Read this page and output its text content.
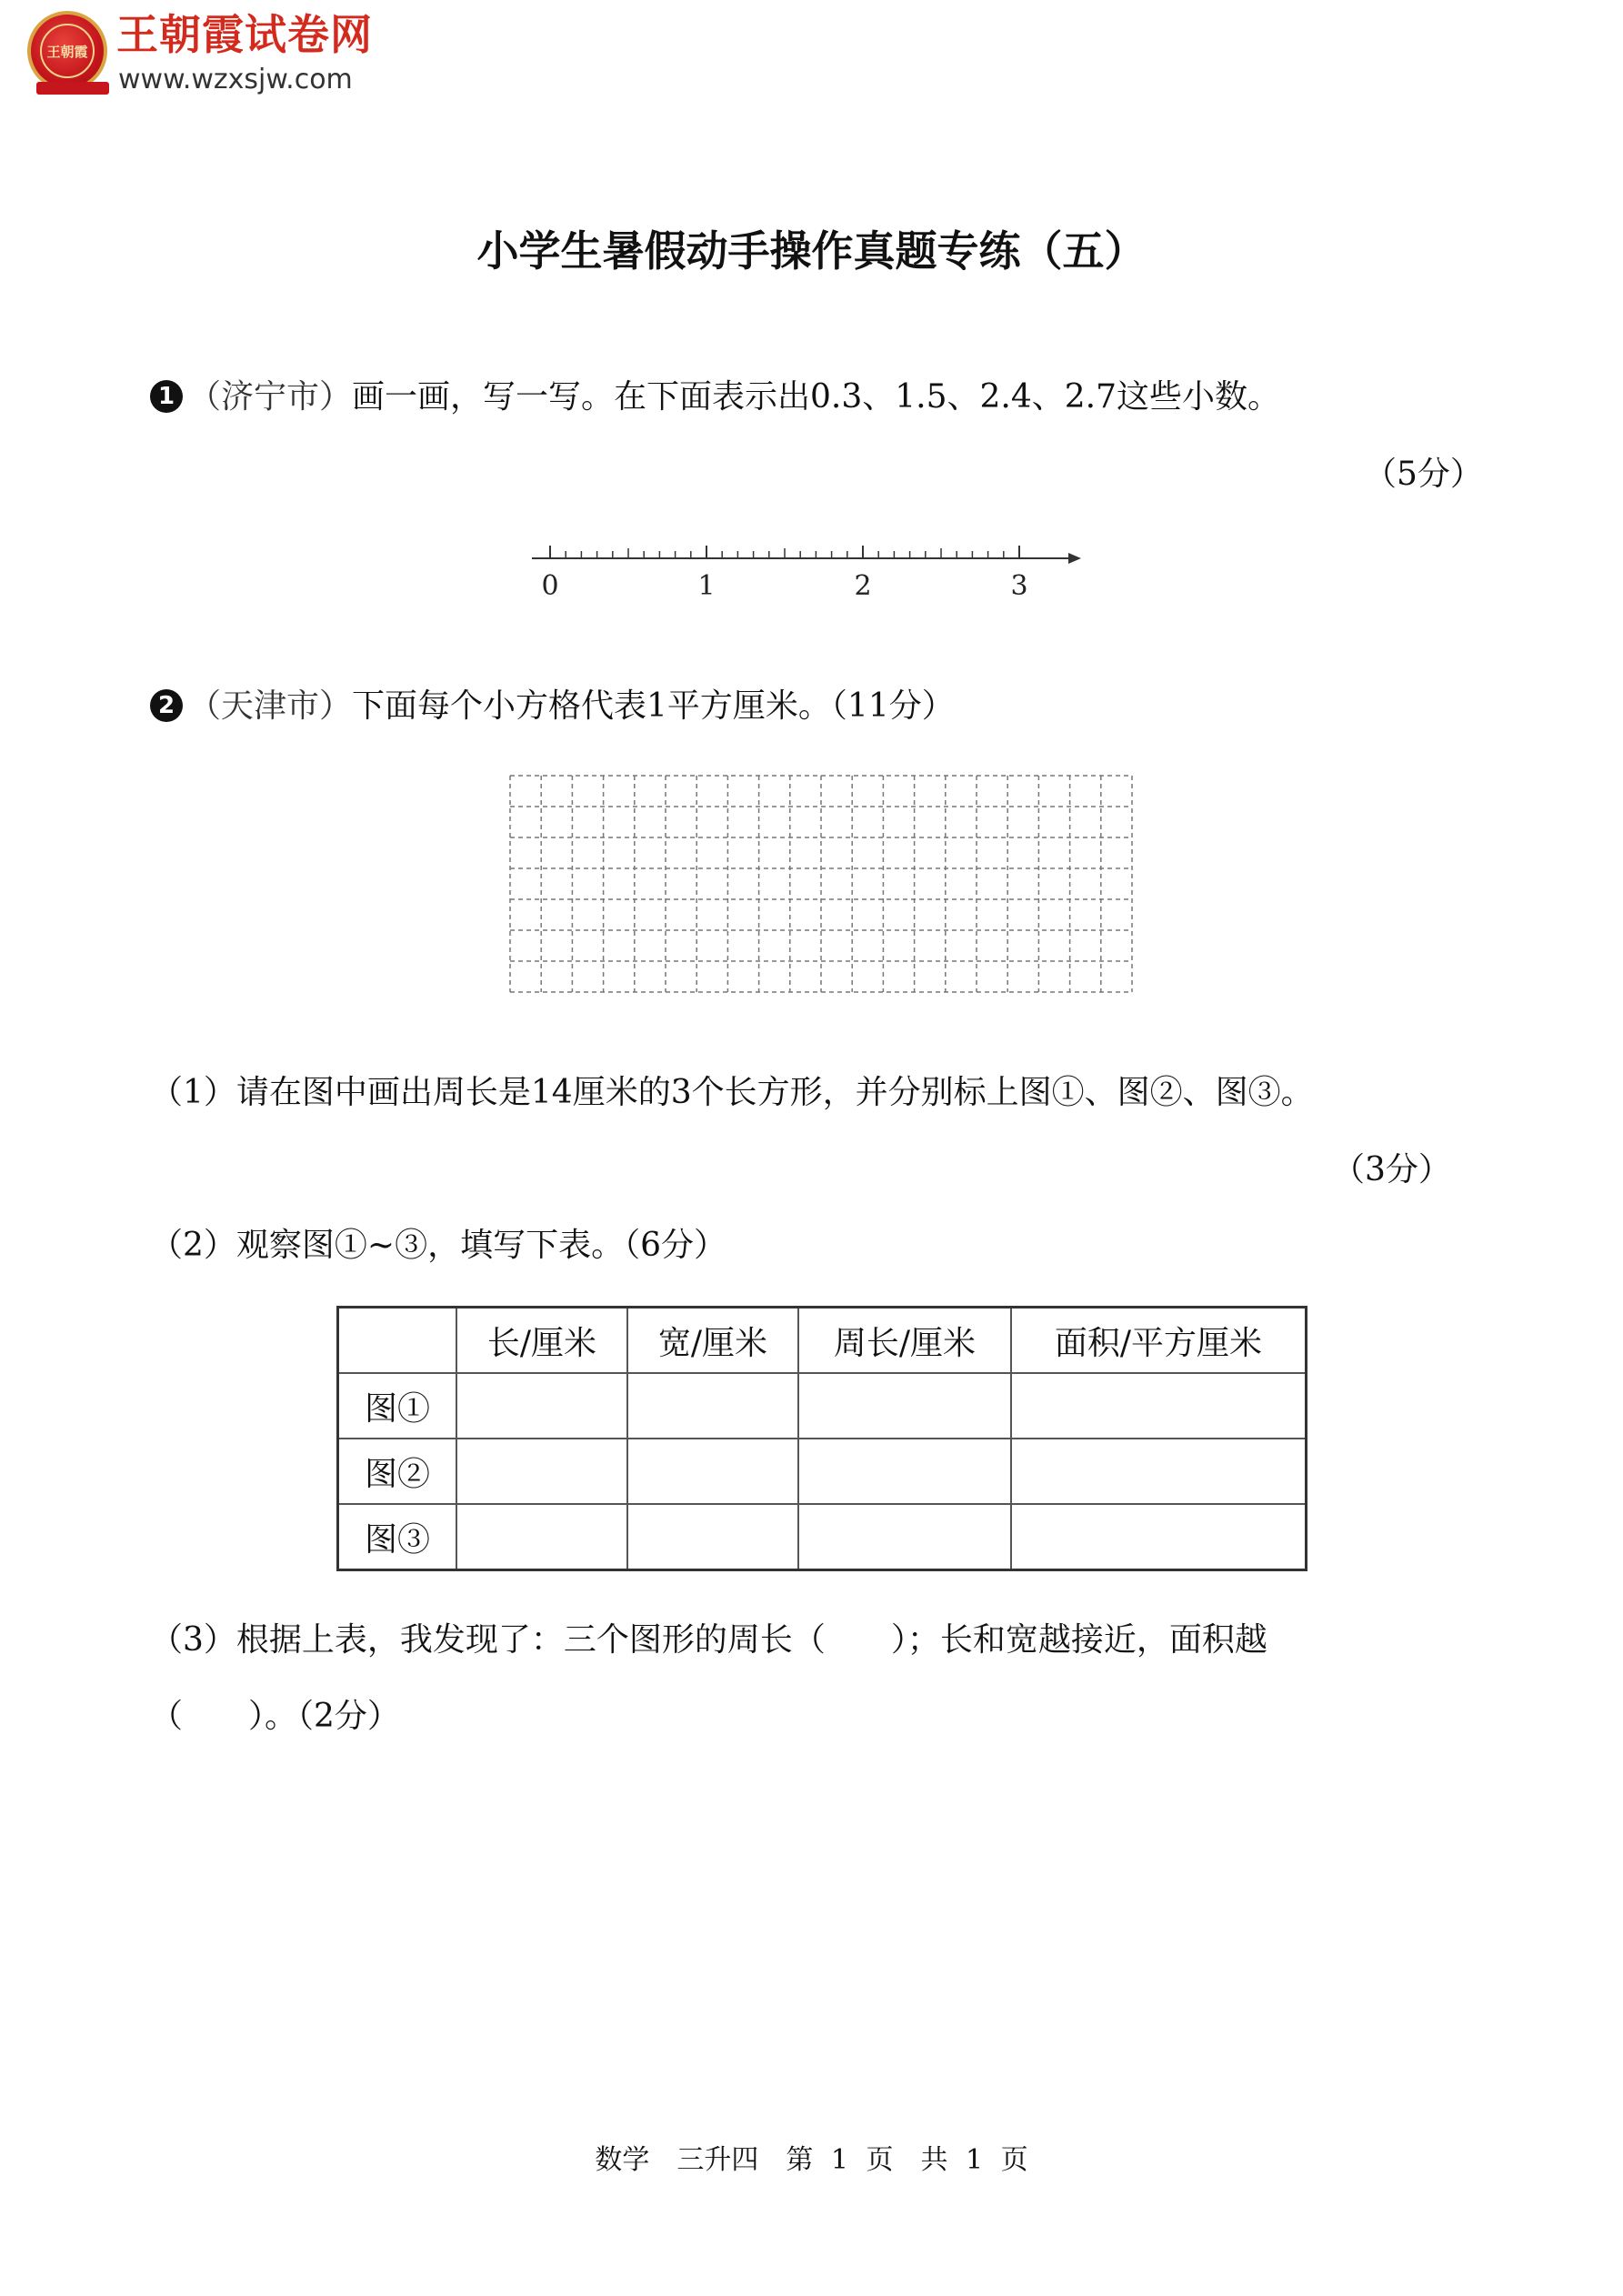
王朝霞 王朝霞试卷网
www.wzxsjw.com
小学生暑假动手操作真题专练（五）
1 （济宁市）画一画，写一写。在下面表示出0.3、1.5、2.4、2.7这些小数。
（5分）
0	1	2	3
2 （天津市）下面每个小方格代表1平方厘米。（11分）
（1）请在图中画出周长是14厘米的3个长方形，并分别标上图①、图②、图③。
（3分）
（2）观察图①~③，填写下表。（6分）
	长/厘米	宽/厘米	周长/厘米	面积/平方厘米
图①				
图②				
图③				
（3）根据上表，我发现了：三个图形的周长（　　）；长和宽越接近，面积越
（　　）。（2分）
数学　三升四　第 1 页　共 1 页
